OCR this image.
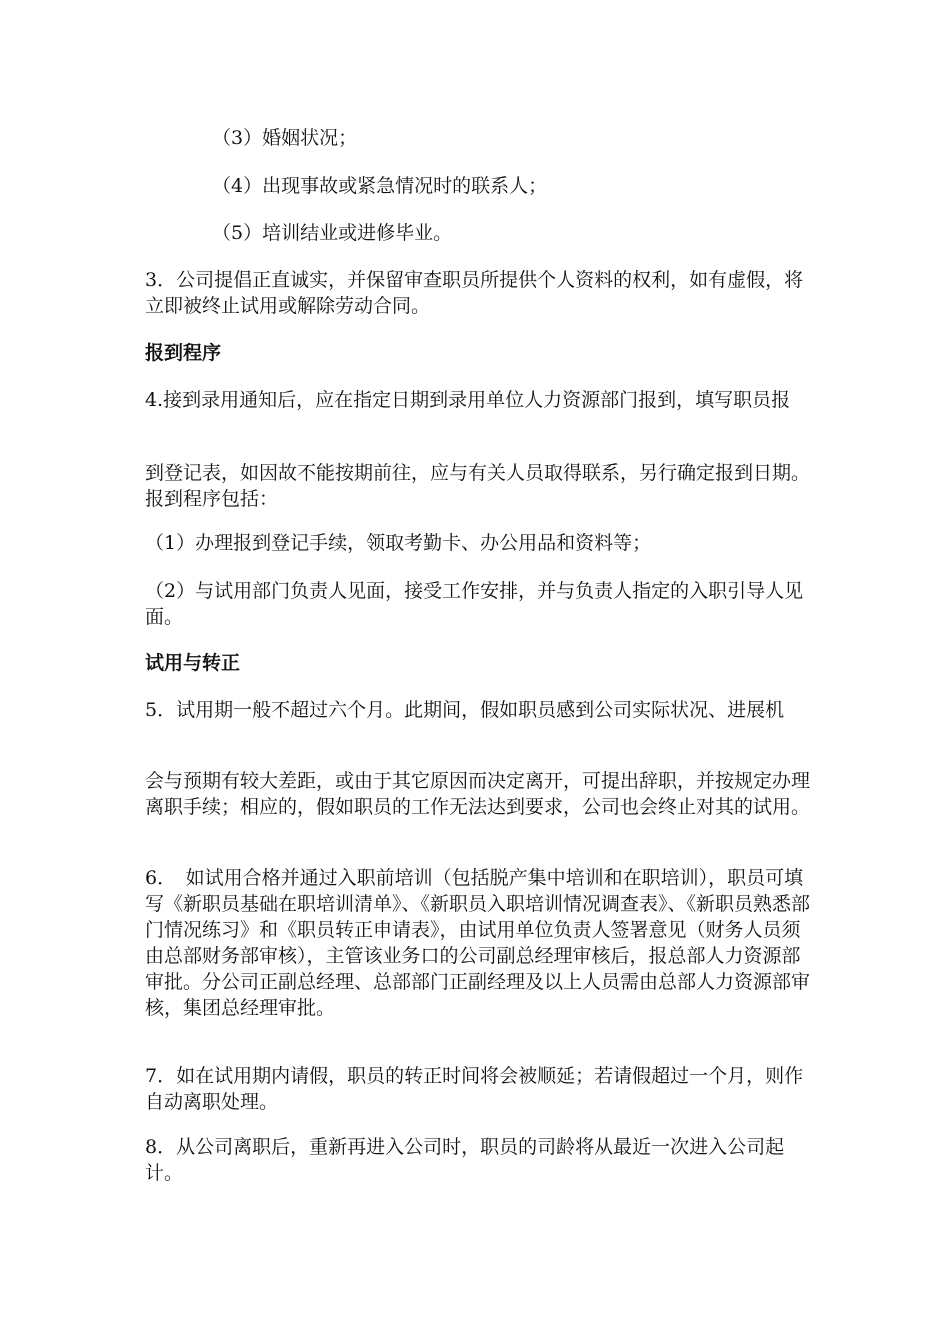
（3）婚姻状况；

（4）出现事故或紧急情况时的联系人；

（5）培训结业或进修毕业。

3．公司提倡正直诚实，并保留审查职员所提供个人资料的权利，如有虚假，将立即被终止试用或解除劳动合同。

报到程序

4.接到录用通知后，应在指定日期到录用单位人力资源部门报到，填写职员报

到登记表，如因故不能按期前往，应与有关人员取得联系，另行确定报到日期。报到程序包括：

（1）办理报到登记手续，领取考勤卡、办公用品和资料等；

（2）与试用部门负责人见面，接受工作安排，并与负责人指定的入职引导人见面。

试用与转正

5．试用期一般不超过六个月。此期间，假如职员感到公司实际状况、进展机

会与预期有较大差距，或由于其它原因而决定离开，可提出辞职，并按规定办理离职手续；相应的，假如职员的工作无法达到要求，公司也会终止对其的试用。

6．　如试用合格并通过入职前培训（包括脱产集中培训和在职培训），职员可填写《新职员基础在职培训清单》、《新职员入职培训情况调查表》、《新职员熟悉部门情况练习》和《职员转正申请表》，由试用单位负责人签署意见（财务人员须由总部财务部审核），主管该业务口的公司副总经理审核后，报总部人力资源部审批。分公司正副总经理、总部部门正副经理及以上人员需由总部人力资源部审核，集团总经理审批。

7．如在试用期内请假，职员的转正时间将会被顺延；若请假超过一个月，则作自动离职处理。

8．从公司离职后，重新再进入公司时，职员的司龄将从最近一次进入公司起计。
